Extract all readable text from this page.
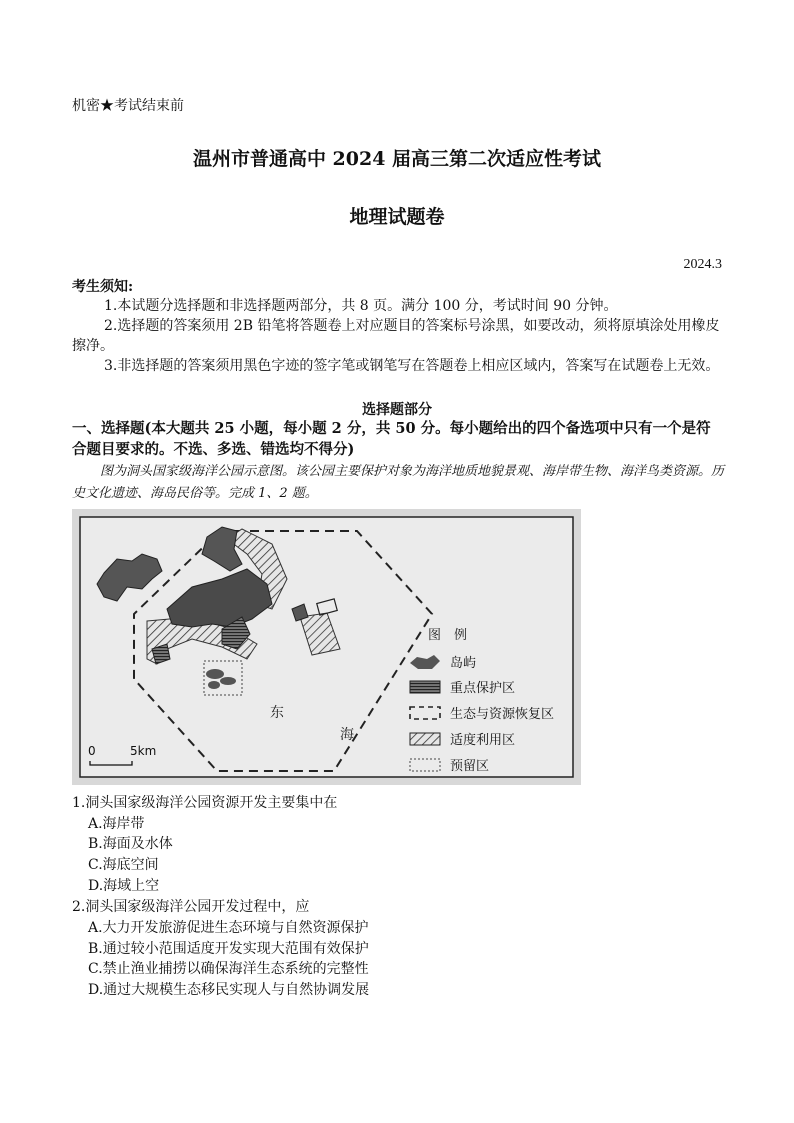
机密★考试结束前
温州市普通高中 2024 届高三第二次适应性考试
地理试题卷
2024.3
考生须知:
1.本试题分选择题和非选择题两部分，共 8 页。满分 100 分，考试时间 90 分钟。
2.选择题的答案须用 2B 铅笔将答题卷上对应题目的答案标号涂黑，如要改动，须将原填涂处用橡皮擦净。
3.非选择题的答案须用黑色字迹的签字笔或钢笔写在答题卷上相应区域内，答案写在试题卷上无效。
选择题部分
一、选择题(本大题共 25 小题，每小题 2 分，共 50 分。每小题给出的四个备选项中只有一个是符合题目要求的。不选、多选、错选均不得分)
图为洞头国家级海洋公园示意图。该公园主要保护对象为海洋地质地貌景观、海岸带生物、海洋鸟类资源。历史文化遗迹、海岛民俗等。完成 1、2 题。
东
海
0	5km
图　例
岛屿
重点保护区
生态与资源恢复区
适度利用区
预留区
1.洞头国家级海洋公园资源开发主要集中在
A.海岸带
B.海面及水体
C.海底空间
D.海域上空
2.洞头国家级海洋公园开发过程中，应
A.大力开发旅游促进生态环境与自然资源保护
B.通过较小范围适度开发实现大范围有效保护
C.禁止渔业捕捞以确保海洋生态系统的完整性
D.通过大规模生态移民实现人与自然协调发展
